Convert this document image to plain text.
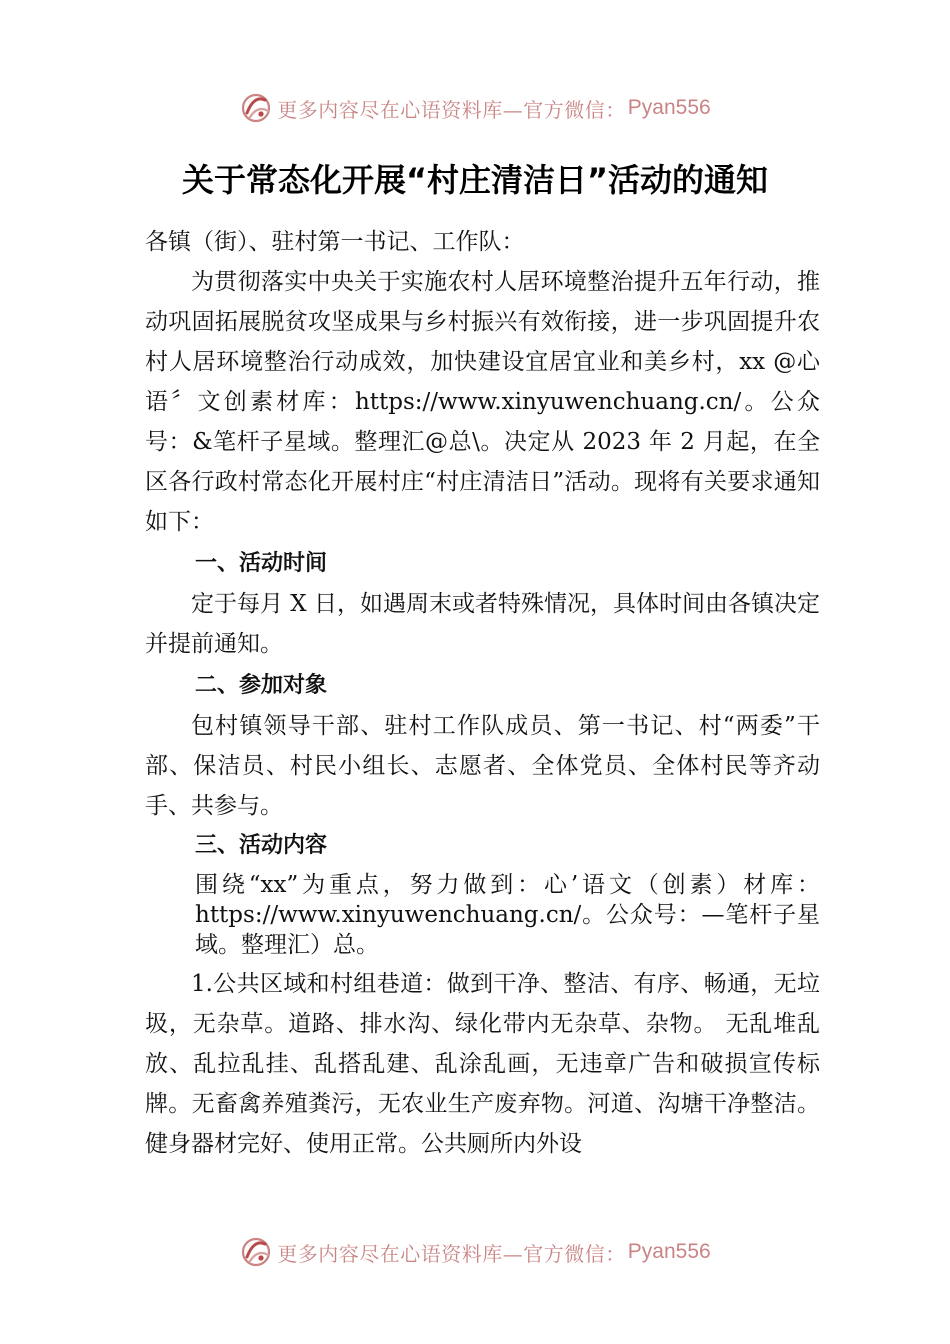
更多内容尽在心语资料库—官方微信： Pyan556
关于常态化开展“村庄清洁日”活动的通知

各镇（街）、驻村第一书记、工作队：

为贯彻落实中央关于实施农村人居环境整治提升五年行动，推动巩固拓展脱贫攻坚成果与乡村振兴有效衔接，进一步巩固提升农村人居环境整治行动成效，加快建设宜居宜业和美乡村，xx @心语〞文创素材库：https://www.xinyuwenchuang.cn/。公众号：&笔杆子星域。整理汇@总\。决定从 2023 年 2 月起，在全区各行政村常态化开展村庄“村庄清洁日”活动。现将有关要求通知如下：

一、活动时间

定于每月 X 日，如遇周末或者特殊情况，具体时间由各镇决定并提前通知。

二、参加对象

包村镇领导干部、驻村工作队成员、第一书记、村“两委”干部、保洁员、村民小组长、志愿者、全体党员、全体村民等齐动手、共参与。

三、活动内容

围绕“xx”为重点，努力做到：心’语文（创素）材库：https://www.xinyuwenchuang.cn/。公众号：—笔杆子星域。整理汇）总。

1.公共区域和村组巷道：做到干净、整洁、有序、畅通，无垃圾，无杂草。道路、排水沟、绿化带内无杂草、杂物。 无乱堆乱放、乱拉乱挂、乱搭乱建、乱涂乱画，无违章广告和破损宣传标牌。无畜禽养殖粪污，无农业生产废弃物。河道、沟塘干净整洁。健身器材完好、使用正常。公共厕所内外设

更多内容尽在心语资料库—官方微信： Pyan556
